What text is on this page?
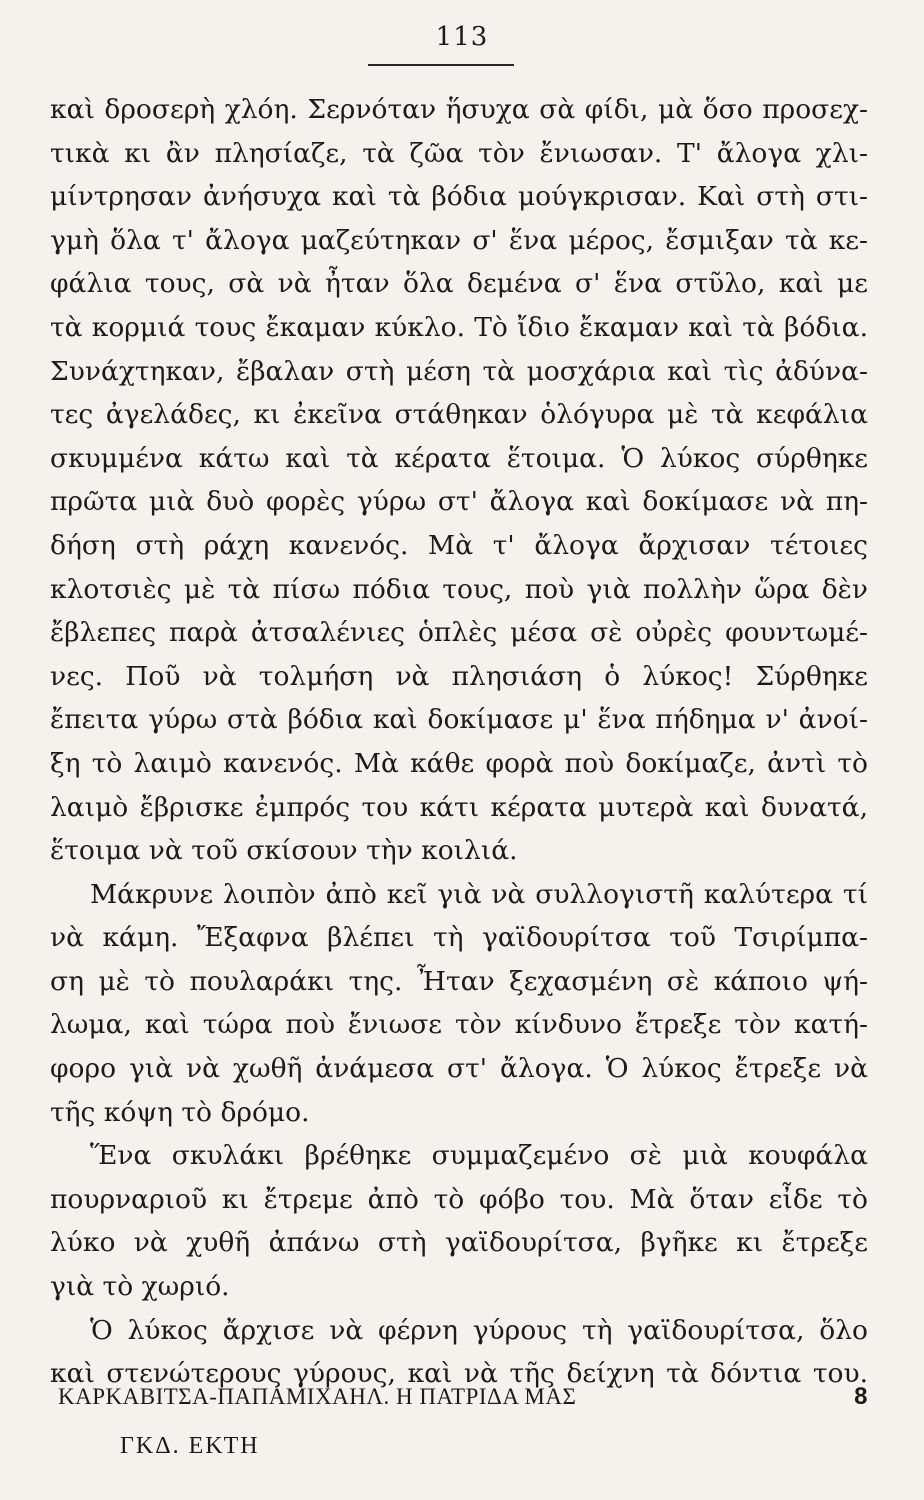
113
καὶ δροσερὴ χλόη. Σερνόταν ἥσυχα σὰ φίδι, μὰ ὅσο προσεχ-
τικὰ κι ἂν πλησίαζε, τὰ ζῶα τὸν ἔνιωσαν. Τ' ἄλογα χλι-
μίντρησαν ἀνήσυχα καὶ τὰ βόδια μούγκρισαν. Καὶ στὴ στι-
γμὴ ὅλα τ' ἄλογα μαζεύτηκαν σ' ἕνα μέρος, ἔσμιξαν τὰ κε-
φάλια τους, σὰ νὰ ἦταν ὅλα δεμένα σ' ἕνα στῦλο, καὶ με
τὰ κορμιά τους ἔκαμαν κύκλο. Τὸ ἴδιο ἔκαμαν καὶ τὰ βόδια.
Συνάχτηκαν, ἔβαλαν στὴ μέση τὰ μοσχάρια καὶ τὶς ἀδύνα-
τες ἀγελάδες, κι ἐκεῖνα στάθηκαν ὁλόγυρα μὲ τὰ κεφάλια
σκυμμένα κάτω καὶ τὰ κέρατα ἕτοιμα. Ὁ λύκος σύρθηκε
πρῶτα μιὰ δυὸ φορὲς γύρω στ' ἄλογα καὶ δοκίμασε νὰ πη-
δήση στὴ ράχη κανενός. Μὰ τ' ἄλογα ἄρχισαν τέτοιες
κλοτσιὲς μὲ τὰ πίσω πόδια τους, ποὺ γιὰ πολλὴν ὥρα δὲν
ἔβλεπες παρὰ ἀτσαλένιες ὁπλὲς μέσα σὲ οὐρὲς φουντωμέ-
νες. Ποῦ νὰ τολμήση νὰ πλησιάση ὁ λύκος! Σύρθηκε
ἔπειτα γύρω στὰ βόδια καὶ δοκίμασε μ' ἕνα πήδημα ν' ἀνοί-
ξη τὸ λαιμὸ κανενός. Μὰ κάθε φορὰ ποὺ δοκίμαζε, ἀντὶ τὸ
λαιμὸ ἔβρισκε ἐμπρός του κάτι κέρατα μυτερὰ καὶ δυνατά,
ἕτοιμα νὰ τοῦ σκίσουν τὴν κοιλιά.
Μάκρυνε λοιπὸν ἀπὸ κεῖ γιὰ νὰ συλλογιστῆ καλύτερα τί
νὰ κάμη. Ἔξαφνα βλέπει τὴ γαϊδουρίτσα τοῦ Τσιρίμπα-
ση μὲ τὸ πουλαράκι της. Ἦταν ξεχασμένη σὲ κάποιο ψή-
λωμα, καὶ τώρα ποὺ ἔνιωσε τὸν κίνδυνο ἔτρεξε τὸν κατή-
φορο γιὰ νὰ χωθῆ ἀνάμεσα στ' ἄλογα. Ὁ λύκος ἔτρεξε νὰ
τῆς κόψη τὸ δρόμο.
Ἕνα σκυλάκι βρέθηκε συμμαζεμένο σὲ μιὰ κουφάλα
πουρναριοῦ κι ἔτρεμε ἀπὸ τὸ φόβο του. Μὰ ὅταν εἶδε τὸ
λύκο νὰ χυθῆ ἀπάνω στὴ γαϊδουρίτσα, βγῆκε κι ἔτρεξε
γιὰ τὸ χωριό.
Ὁ λύκος ἄρχισε νὰ φέρνη γύρους τὴ γαϊδουρίτσα, ὅλο
καὶ στενώτερους γύρους, καὶ νὰ τῆς δείχνη τὰ δόντια του.
ΚΑΡΚΑΒΙΤΣΑ-ΠΑΠΑΜΙΧΑΗΛ. Η ΠΑΤΡΙΔΑ ΜΑΣ	8
ΓΚΔ. ΕΚΤΗ
